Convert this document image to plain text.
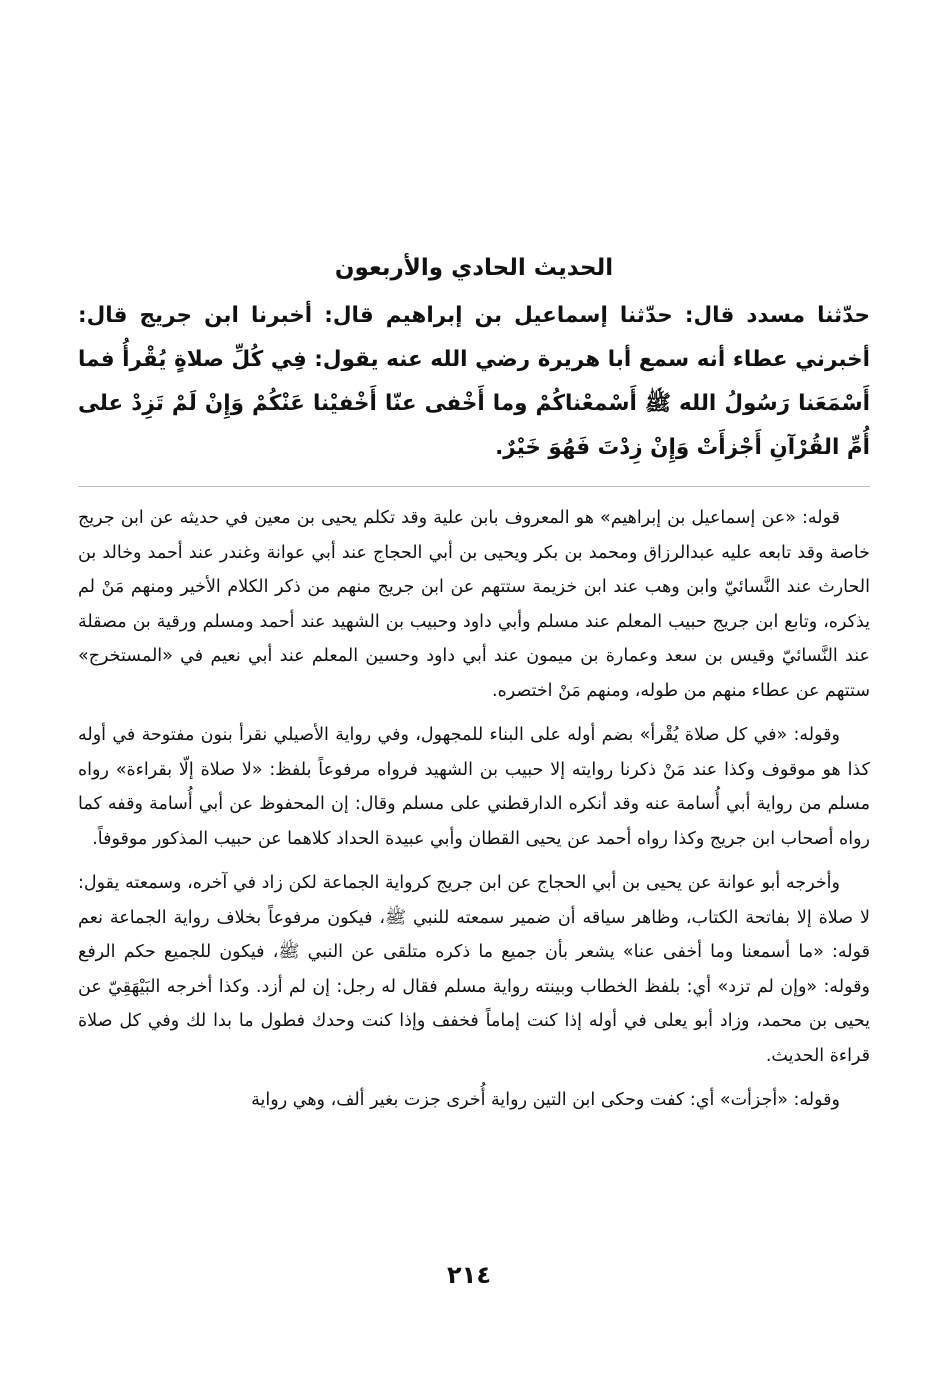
الحديث الحادي والأربعون

حدّثنا مسدد قال: حدّثنا إسماعيل بن إبراهيم قال: أخبرنا ابن جريج قال: أخبرني عطاء أنه سمع أبا هريرة رضي الله عنه يقول: فِي كُلِّ صلاةٍ يُقْرأُ فما أَسْمَعَنا رَسُولُ الله ﷺ أَسْمعْناكُمْ وما أَخْفى عنّا أَخْفيْنا عَنْكُمْ وَإِنْ لَمْ تَزِدْ على أُمِّ القُرْآنِ أَجْزأَتْ وَإِنْ زِدْتَ فَهُوَ خَيْرٌ.

قوله: «عن إسماعيل بن إبراهيم» هو المعروف بابن علية وقد تكلم يحيى بن معين في حديثه عن ابن جريج خاصة وقد تابعه عليه عبدالرزاق ومحمد بن بكر ويحيى بن أبي الحجاج عند أبي عوانة وغندر عند أحمد وخالد بن الحارث عند النَّسائيّ وابن وهب عند ابن خزيمة ستتهم عن ابن جريج منهم من ذكر الكلام الأخير ومنهم مَنْ لم يذكره، وتابع ابن جريج حبيب المعلم عند مسلم وأبي داود وحبيب بن الشهيد عند أحمد ومسلم ورقية بن مصقلة عند النَّسائيّ وقيس بن سعد وعمارة بن ميمون عند أبي داود وحسين المعلم عند أبي نعيم في «المستخرج» ستتهم عن عطاء منهم من طوله، ومنهم مَنْ اختصره.

وقوله: «في كل صلاة يُقْرأ» بضم أوله على البناء للمجهول، وفي رواية الأصيلي نقرأ بنون مفتوحة في أوله كذا هو موقوف وكذا عند مَنْ ذكرنا روايته إلا حبيب بن الشهيد فرواه مرفوعاً بلفظ: «لا صلاة إلّا بقراءة» رواه مسلم من رواية أبي أُسامة عنه وقد أنكره الدارقطني على مسلم وقال: إن المحفوظ عن أبي أُسامة وقفه كما رواه أصحاب ابن جريج وكذا رواه أحمد عن يحيى القطان وأبي عبيدة الحداد كلاهما عن حبيب المذكور موقوفاً.

وأخرجه أبو عوانة عن يحيى بن أبي الحجاج عن ابن جريج كرواية الجماعة لكن زاد في آخره، وسمعته يقول: لا صلاة إلا بفاتحة الكتاب، وظاهر سياقه أن ضمير سمعته للنبي ﷺ، فيكون مرفوعاً بخلاف رواية الجماعة نعم قوله: «ما أسمعنا وما أخفى عنا» يشعر بأن جميع ما ذكره متلقى عن النبي ﷺ، فيكون للجميع حكم الرفع وقوله: «وإن لم تزد» أي: بلفظ الخطاب وبينته رواية مسلم فقال له رجل: إن لم أزد. وكذا أخرجه البَيْهَقِيّ عن يحيى بن محمد، وزاد أبو يعلى في أوله إذا كنت إماماً فخفف وإذا كنت وحدك فطول ما بدا لك وفي كل صلاة قراءة الحديث.

وقوله: «أجزأت» أي: كفت وحكى ابن التين رواية أُخرى جزت بغير ألف، وهي رواية

٢١٤
